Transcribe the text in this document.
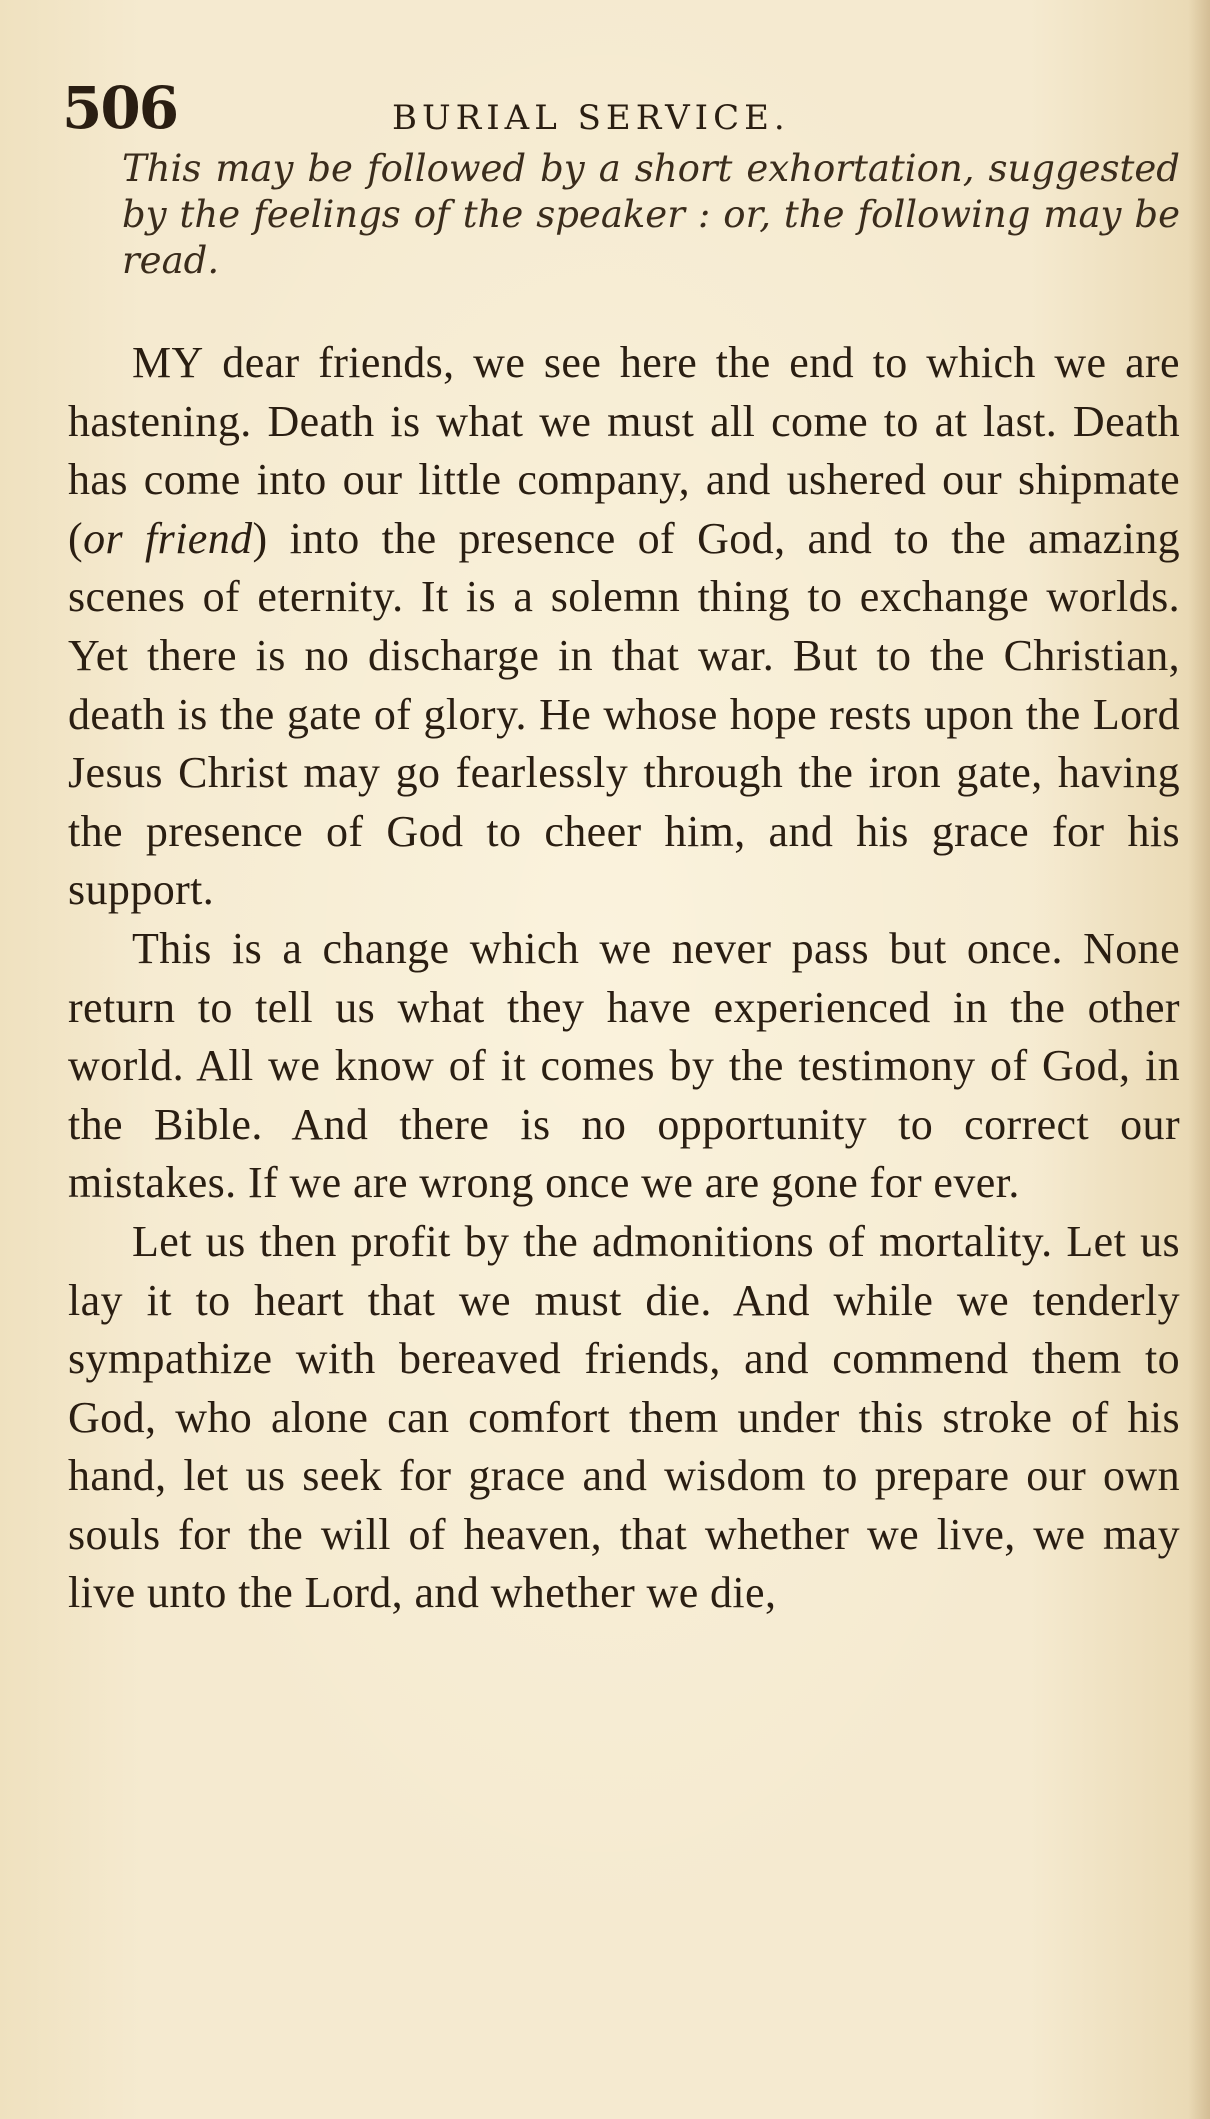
506	BURIAL SERVICE.
This may be followed by a short exhortation, suggested by the feelings of the speaker : or, the following may be read.

MY dear friends, we see here the end to which we are hastening. Death is what we must all come to at last. Death has come into our little company, and ushered our shipmate (or friend) into the presence of God, and to the amazing scenes of eternity. It is a solemn thing to exchange worlds. Yet there is no discharge in that war. But to the Christian, death is the gate of glory. He whose hope rests upon the Lord Jesus Christ may go fearlessly through the iron gate, having the presence of God to cheer him, and his grace for his support.

This is a change which we never pass but once. None return to tell us what they have experienced in the other world. All we know of it comes by the testimony of God, in the Bible. And there is no opportunity to correct our mistakes. If we are wrong once we are gone for ever.

Let us then profit by the admonitions of mortality. Let us lay it to heart that we must die. And while we tenderly sympathize with bereaved friends, and commend them to God, who alone can comfort them under this stroke of his hand, let us seek for grace and wisdom to prepare our own souls for the will of heaven, that whether we live, we may live unto the Lord, and whether we die,
